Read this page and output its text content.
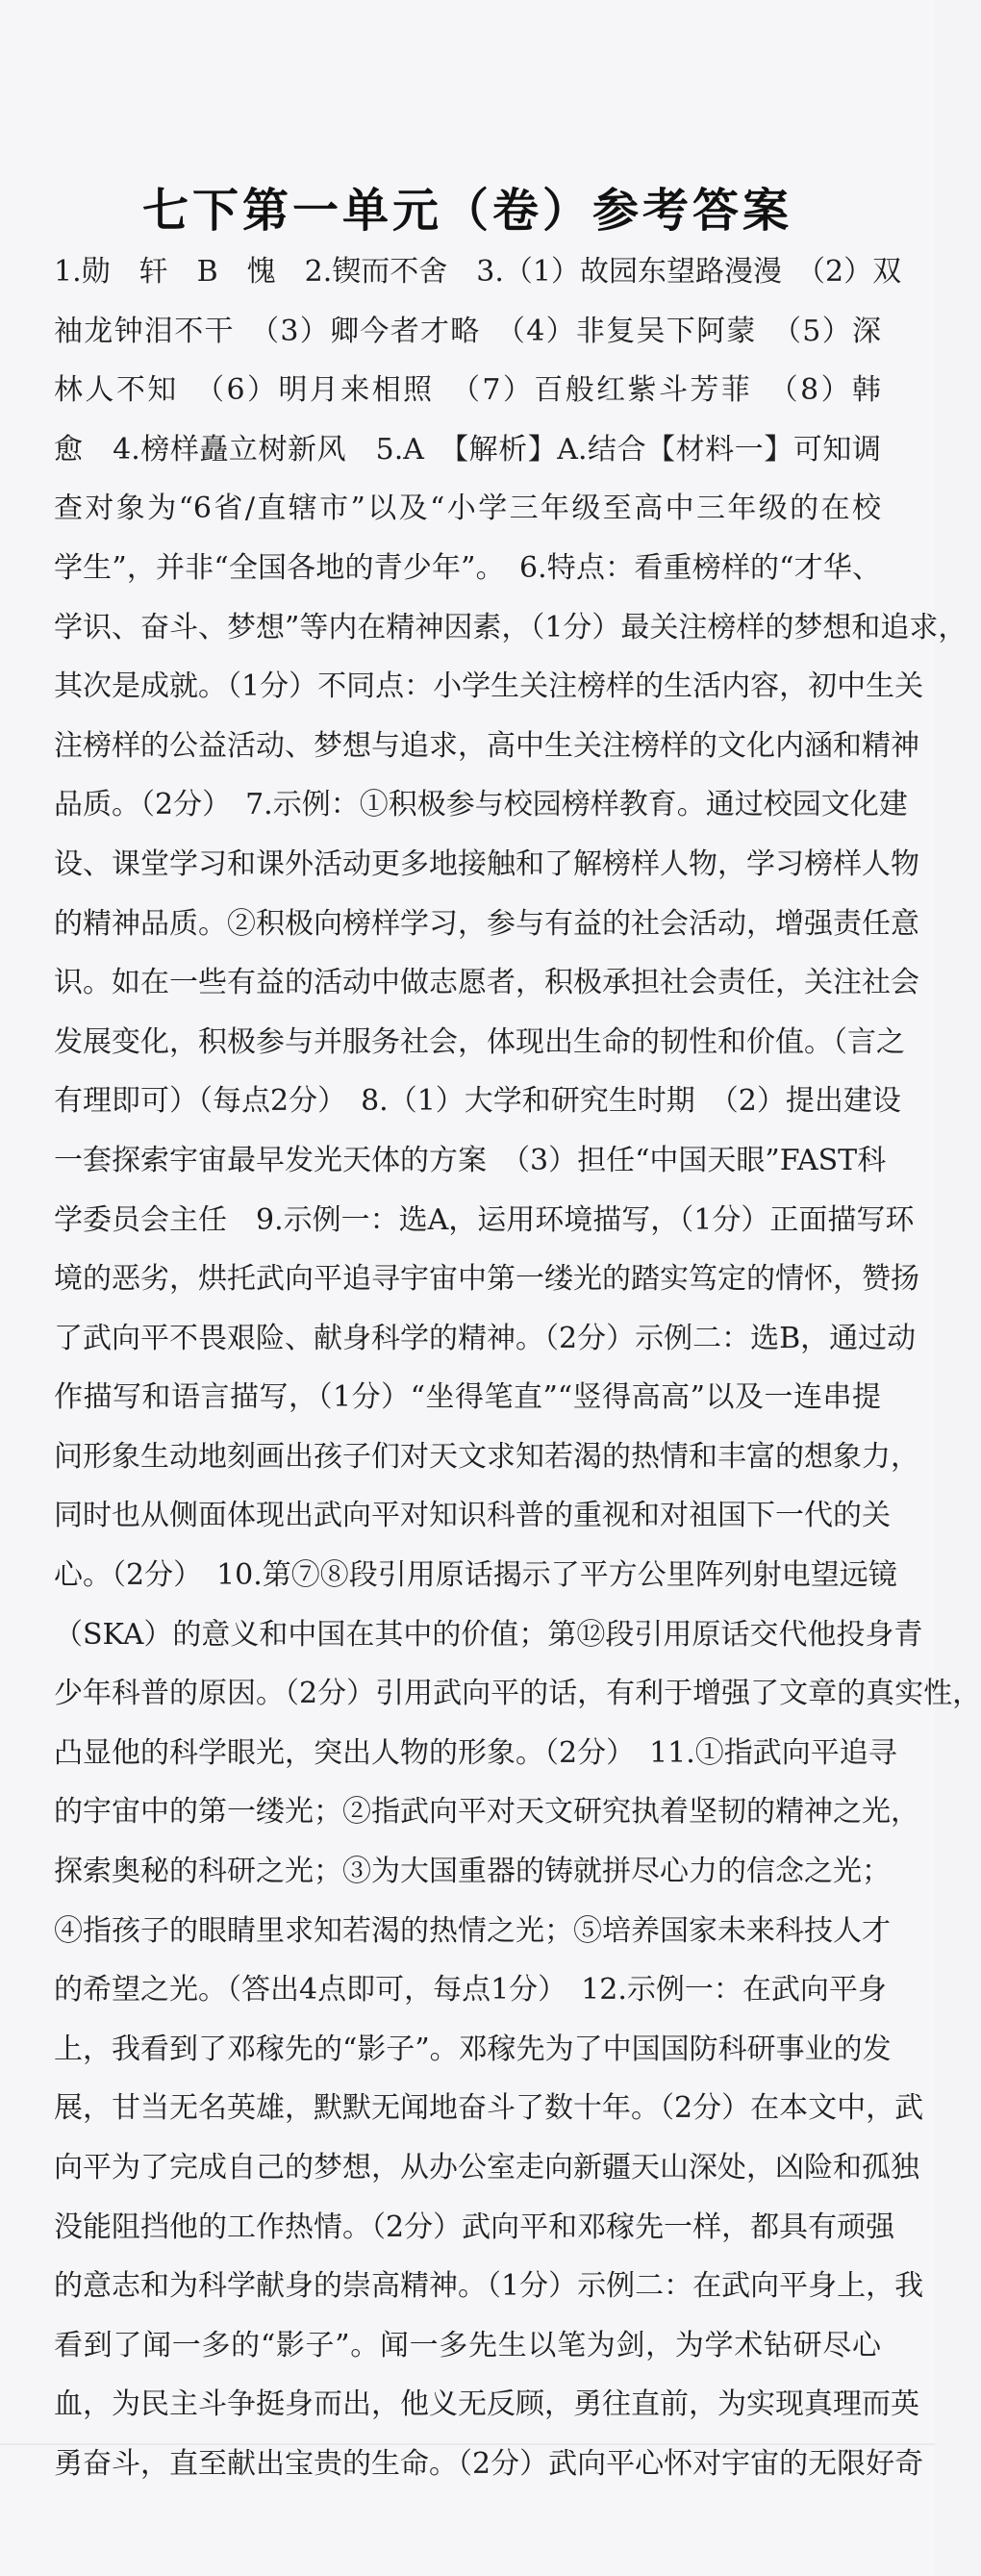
七下第一单元（卷）参考答案
1.勋　轩　B　愧　2.锲而不舍　3.（1）故园东望路漫漫　（2）双
袖龙钟泪不干　（3）卿今者才略　（4）非复吴下阿蒙　（5）深
林人不知　（6）明月来相照　（7）百般红紫斗芳菲　（8）韩
愈　4.榜样矗立树新风　5.A　【解析】A.结合【材料一】可知调
查对象为“6省/直辖市”以及“小学三年级至高中三年级的在校
学生”，并非“全国各地的青少年”。　6.特点：看重榜样的“才华、
学识、奋斗、梦想”等内在精神因素，（1分）最关注榜样的梦想和追求，
其次是成就。（1分）不同点：小学生关注榜样的生活内容，初中生关
注榜样的公益活动、梦想与追求，高中生关注榜样的文化内涵和精神
品质。（2分）　7.示例：①积极参与校园榜样教育。通过校园文化建
设、课堂学习和课外活动更多地接触和了解榜样人物，学习榜样人物
的精神品质。②积极向榜样学习，参与有益的社会活动，增强责任意
识。如在一些有益的活动中做志愿者，积极承担社会责任，关注社会
发展变化，积极参与并服务社会，体现出生命的韧性和价值。（言之
有理即可）（每点2分）　8.（1）大学和研究生时期　（2）提出建设
一套探索宇宙最早发光天体的方案　（3）担任“中国天眼”FAST科
学委员会主任　9.示例一：选A，运用环境描写，（1分）正面描写环
境的恶劣，烘托武向平追寻宇宙中第一缕光的踏实笃定的情怀，赞扬
了武向平不畏艰险、献身科学的精神。（2分）示例二：选B，通过动
作描写和语言描写，（1分）“坐得笔直”“竖得高高”以及一连串提
问形象生动地刻画出孩子们对天文求知若渴的热情和丰富的想象力，
同时也从侧面体现出武向平对知识科普的重视和对祖国下一代的关
心。（2分）　10.第⑦⑧段引用原话揭示了平方公里阵列射电望远镜
（SKA）的意义和中国在其中的价值；第⑫段引用原话交代他投身青
少年科普的原因。（2分）引用武向平的话，有利于增强了文章的真实性，
凸显他的科学眼光，突出人物的形象。（2分）　11.①指武向平追寻
的宇宙中的第一缕光；②指武向平对天文研究执着坚韧的精神之光，
探索奥秘的科研之光；③为大国重器的铸就拼尽心力的信念之光；
④指孩子的眼睛里求知若渴的热情之光；⑤培养国家未来科技人才
的希望之光。（答出4点即可，每点1分）　12.示例一：在武向平身
上，我看到了邓稼先的“影子”。邓稼先为了中国国防科研事业的发
展，甘当无名英雄，默默无闻地奋斗了数十年。（2分）在本文中，武
向平为了完成自己的梦想，从办公室走向新疆天山深处，凶险和孤独
没能阻挡他的工作热情。（2分）武向平和邓稼先一样，都具有顽强
的意志和为科学献身的崇高精神。（1分）示例二：在武向平身上，我
看到了闻一多的“影子”。闻一多先生以笔为剑，为学术钻研尽心
血，为民主斗争挺身而出，他义无反顾，勇往直前，为实现真理而英
勇奋斗，直至献出宝贵的生命。（2分）武向平心怀对宇宙的无限好奇
